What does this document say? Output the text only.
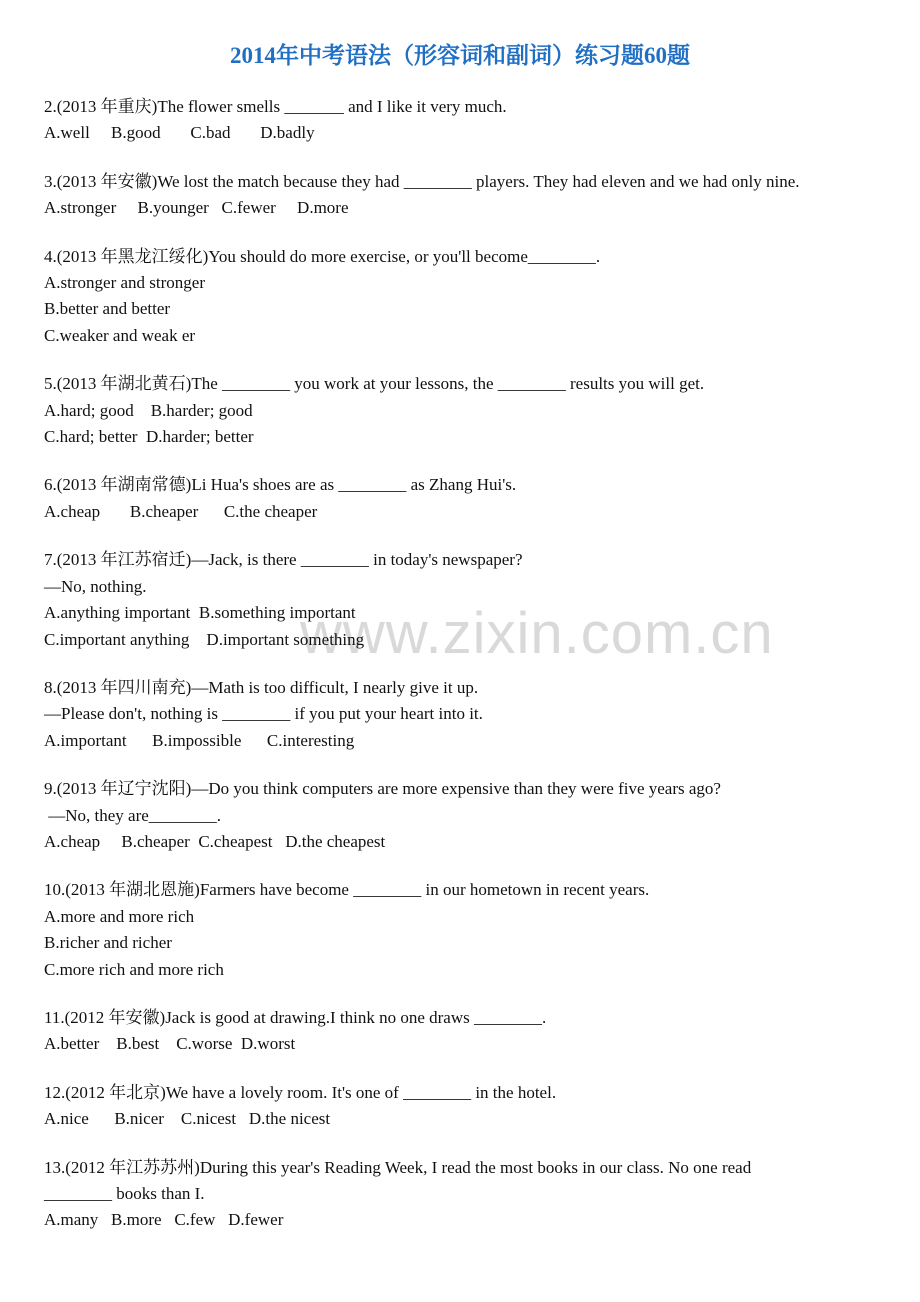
2014年中考语法（形容词和副词）练习题60题
www.zixin.com.cn
2.(2013 年重庆)The flower smells _______ and I like it very much.
A.well     B.good       C.bad       D.badly
3.(2013 年安徽)We lost the match because they had ________ players. They had eleven and we had only nine.
A.stronger     B.younger   C.fewer     D.more
4.(2013 年黑龙江绥化)You should do more exercise, or you'll become________.
A.stronger and stronger
B.better and better
C.weaker and weak er
5.(2013 年湖北黄石)The ________ you work at your lessons, the ________ results you will get.
A.hard; good    B.harder; good
C.hard; better  D.harder; better
6.(2013 年湖南常德)Li Hua's shoes are as ________ as Zhang Hui's.
A.cheap       B.cheaper      C.the cheaper
7.(2013 年江苏宿迁)—Jack, is there ________ in today's newspaper?
—No, nothing.
A.anything important  B.something important
C.important anything    D.important something
8.(2013 年四川南充)—Math is too difficult, I nearly give it up.
—Please don't, nothing is ________ if you put your heart into it.
A.important      B.impossible      C.interesting
9.(2013 年辽宁沈阳)—Do you think computers are more expensive than they were five years ago?
—No, they are________.
A.cheap     B.cheaper  C.cheapest   D.the cheapest
10.(2013 年湖北恩施)Farmers have become ________ in our hometown in recent years.
A.more and more rich
B.richer and richer
C.more rich and more rich
11.(2012 年安徽)Jack is good at drawing.I think no one draws ________.
A.better    B.best    C.worse  D.worst
12.(2012 年北京)We have a lovely room. It's one of ________ in the hotel.
A.nice      B.nicer    C.nicest   D.the nicest
13.(2012 年江苏苏州)During this year's Reading Week, I read the most books in our class. No one read
________ books than I.
A.many   B.more   C.few   D.fewer
